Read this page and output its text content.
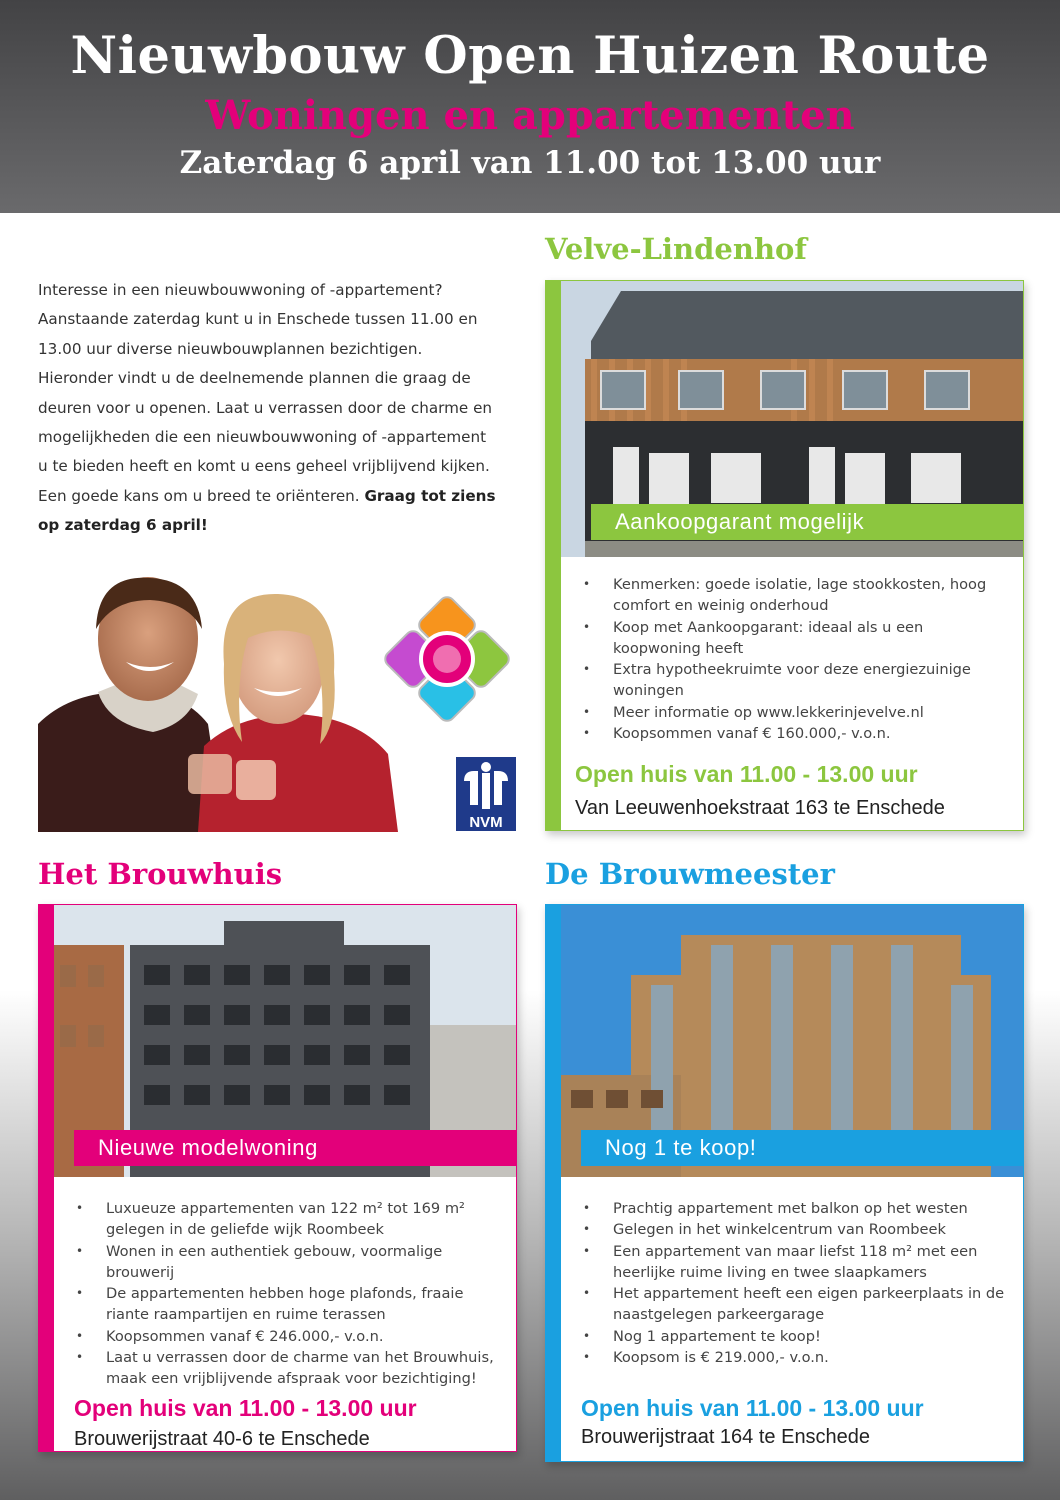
Nieuwbouw Open Huizen Route
Woningen en appartementen
Zaterdag 6 april van 11.00 tot 13.00 uur
Interesse in een nieuwbouwwoning of -appartement? Aanstaande zaterdag kunt u in Enschede tussen 11.00 en 13.00 uur diverse nieuwbouwplannen bezichtigen. Hieronder vindt u de deelnemende plannen die graag de deuren voor u openen. Laat u verrassen door de charme en mogelijkheden die een nieuwbouwwoning of -appartement u te bieden heeft en komt u eens geheel vrijblijvend kijken. Een goede kans om u breed te oriënteren. Graag tot ziens op zaterdag 6 april!
NVM
Velve-Lindenhof
Aankoopgarant mogelijk
• Kenmerken: goede isolatie, lage stookkosten, hoog comfort en weinig onderhoud
• Koop met Aankoopgarant: ideaal als u een koopwoning heeft
• Extra hypotheekruimte voor deze energiezuinige woningen
• Meer informatie op www.lekkerinjevelve.nl
• Koopsommen vanaf € 160.000,- v.o.n.
Open huis van 11.00 - 13.00 uur
Van Leeuwenhoekstraat 163 te Enschede
Het Brouwhuis
Nieuwe modelwoning
• Luxueuze appartementen van 122 m² tot 169 m² gelegen in de geliefde wijk Roombeek
• Wonen in een authentiek gebouw, voormalige brouwerij
• De appartementen hebben hoge plafonds, fraaie riante raampartijen en ruime terassen
• Koopsommen vanaf € 246.000,- v.o.n.
• Laat u verrassen door de charme van het Brouwhuis, maak een vrijblijvende afspraak voor bezichtiging!
Open huis van 11.00 - 13.00 uur
Brouwerijstraat 40-6 te Enschede
De Brouwmeester
Nog 1 te koop!
• Prachtig appartement met balkon op het westen
• Gelegen in het winkelcentrum van Roombeek
• Een appartement van maar liefst 118 m² met een heerlijke ruime living en twee slaapkamers
• Het appartement heeft een eigen parkeerplaats in de naastgelegen parkeergarage
• Nog 1 appartement te koop!
• Koopsom is € 219.000,- v.o.n.
Open huis van 11.00 - 13.00 uur
Brouwerijstraat 164 te Enschede
